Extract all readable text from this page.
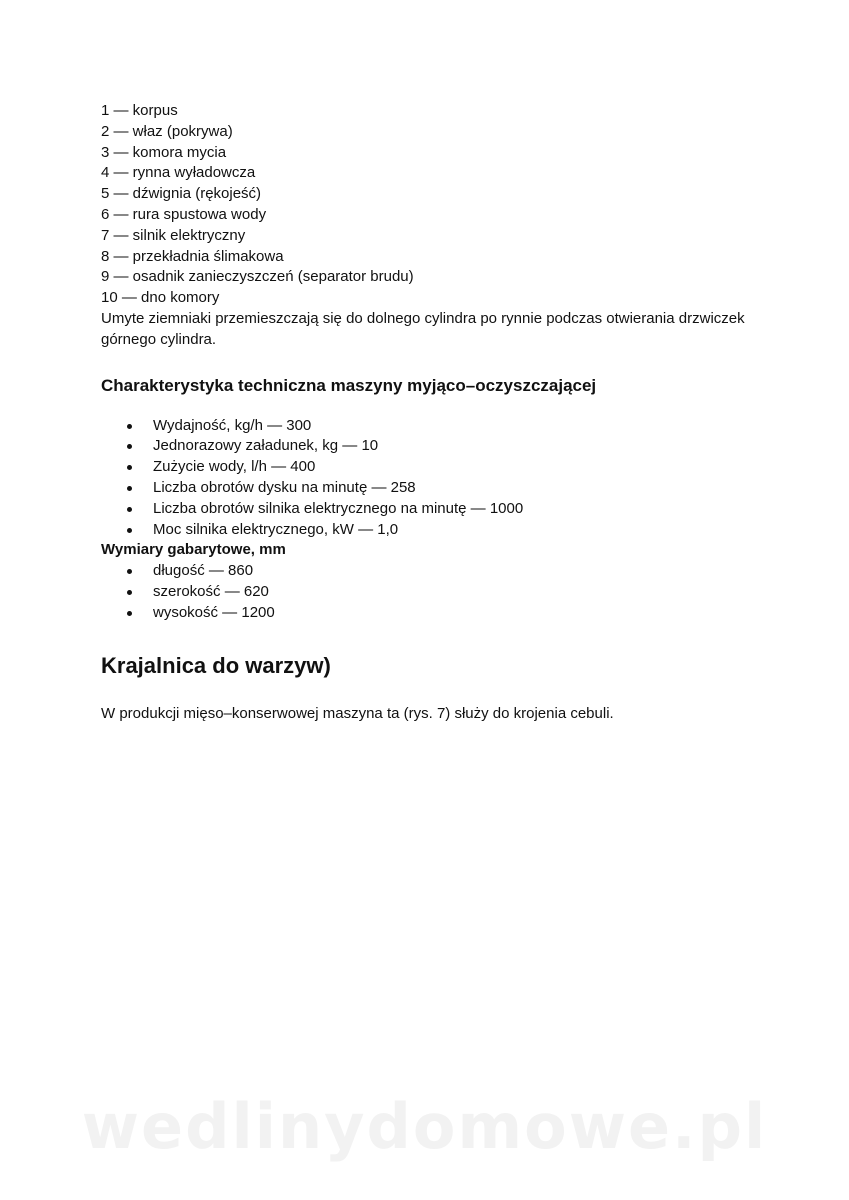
1 — korpus
2 — właz (pokrywa)
3 — komora mycia
4 — rynna wyładowcza
5 — dźwignia (rękojeść)
6 — rura spustowa wody
7 — silnik elektryczny
8 — przekładnia ślimakowa
9 — osadnik zanieczyszczeń (separator brudu)
10 — dno komory

Umyte ziemniaki przemieszczają się do dolnego cylindra po rynnie podczas otwierania drzwiczek górnego cylindra.

Charakterystyka techniczna maszyny myjąco–oczyszczającej
Wydajność, kg/h — 300
Jednorazowy załadunek, kg — 10
Zużycie wody, l/h — 400
Liczba obrotów dysku na minutę — 258
Liczba obrotów silnika elektrycznego na minutę — 1000
Moc silnika elektrycznego, kW — 1,0

Wymiary gabarytowe, mm

długość — 860
szerokość — 620
wysokość — 1200
Krajalnica do warzyw)

W produkcji mięso–konserwowej maszyna ta (rys. 7) służy do krojenia cebuli.

wedlinydomowe.pl
